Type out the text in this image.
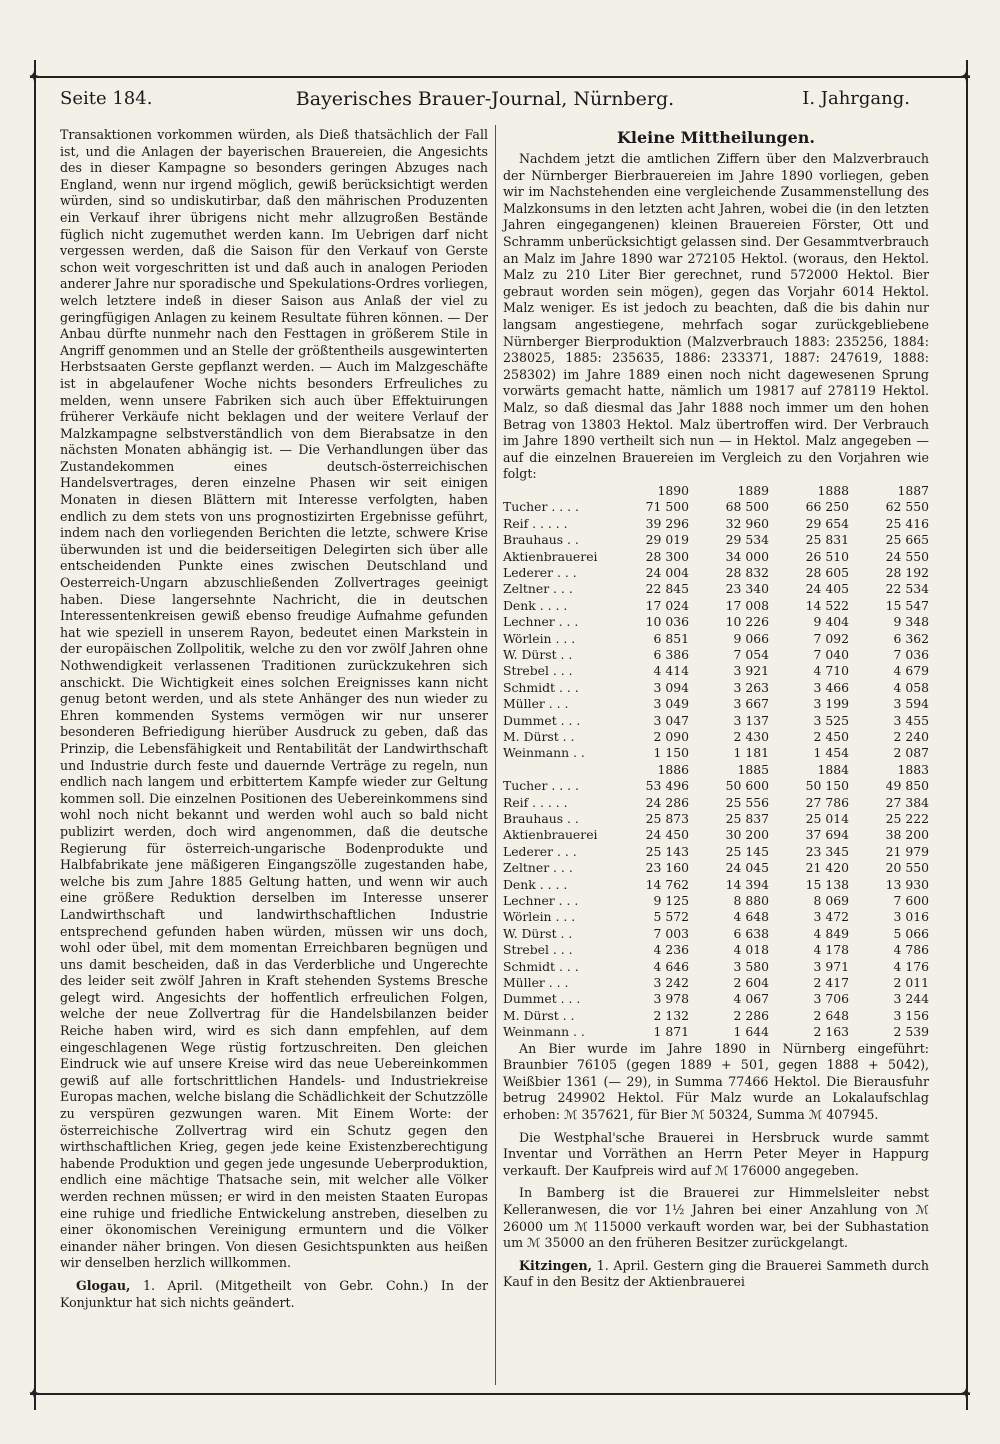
✦	✦
✦	✦
Seite 184.	Bayerisches Brauer-Journal, Nürnberg.	I. Jahrgang.

Transaktionen vorkommen würden, als Dieß thatsächlich der Fall ist, und die Anlagen der bayerischen Brauereien, die Angesichts des in dieser Kampagne so besonders geringen Abzuges nach England, wenn nur irgend möglich, gewiß berücksichtigt werden würden, sind so undiskutirbar, daß den mährischen Produzenten ein Verkauf ihrer übrigens nicht mehr allzugroßen Bestände füglich nicht zugemuthet werden kann. Im Uebrigen darf nicht vergessen werden, daß die Saison für den Verkauf von Gerste schon weit vorgeschritten ist und daß auch in analogen Perioden anderer Jahre nur sporadische und Spekulations-Ordres vorliegen, welch letztere indeß in dieser Saison aus Anlaß der viel zu geringfügigen Anlagen zu keinem Resultate führen können. — Der Anbau dürfte nunmehr nach den Festtagen in größerem Stile in Angriff genommen und an Stelle der größtentheils ausgewinterten Herbstsaaten Gerste gepflanzt werden. — Auch im Malzgeschäfte ist in abgelaufener Woche nichts besonders Erfreuliches zu melden, wenn unsere Fabriken sich auch über Effektuirungen früherer Verkäufe nicht beklagen und der weitere Verlauf der Malzkampagne selbstverständlich von dem Bierabsatze in den nächsten Monaten abhängig ist. — Die Verhandlungen über das Zustandekommen eines deutsch-österreichischen Handelsvertrages, deren einzelne Phasen wir seit einigen Monaten in diesen Blättern mit Interesse verfolgten, haben endlich zu dem stets von uns prognostizirten Ergebnisse geführt, indem nach den vorliegenden Berichten die letzte, schwere Krise überwunden ist und die beiderseitigen Delegirten sich über alle entscheidenden Punkte eines zwischen Deutschland und Oesterreich-Ungarn abzuschließenden Zollvertrages geeinigt haben. Diese langersehnte Nachricht, die in deutschen Interessentenkreisen gewiß ebenso freudige Aufnahme gefunden hat wie speziell in unserem Rayon, bedeutet einen Markstein in der europäischen Zollpolitik, welche zu den vor zwölf Jahren ohne Nothwendigkeit verlassenen Traditionen zurückzukehren sich anschickt. Die Wichtigkeit eines solchen Ereignisses kann nicht genug betont werden, und als stete Anhänger des nun wieder zu Ehren kommenden Systems vermögen wir nur unserer besonderen Befriedigung hierüber Ausdruck zu geben, daß das Prinzip, die Lebensfähigkeit und Rentabilität der Landwirthschaft und Industrie durch feste und dauernde Verträge zu regeln, nun endlich nach langem und erbittertem Kampfe wieder zur Geltung kommen soll. Die einzelnen Positionen des Uebereinkommens sind wohl noch nicht bekannt und werden wohl auch so bald nicht publizirt werden, doch wird angenommen, daß die deutsche Regierung für österreich-ungarische Bodenprodukte und Halbfabrikate jene mäßigeren Eingangszölle zugestanden habe, welche bis zum Jahre 1885 Geltung hatten, und wenn wir auch eine größere Reduktion derselben im Interesse unserer Landwirthschaft und landwirthschaftlichen Industrie entsprechend gefunden haben würden, müssen wir uns doch, wohl oder übel, mit dem momentan Erreichbaren begnügen und uns damit bescheiden, daß in das Verderbliche und Ungerechte des leider seit zwölf Jahren in Kraft stehenden Systems Bresche gelegt wird. Angesichts der hoffentlich erfreulichen Folgen, welche der neue Zollvertrag für die Handelsbilanzen beider Reiche haben wird, wird es sich dann empfehlen, auf dem eingeschlagenen Wege rüstig fortzuschreiten. Den gleichen Eindruck wie auf unsere Kreise wird das neue Uebereinkommen gewiß auf alle fortschrittlichen Handels- und Industriekreise Europas machen, welche bislang die Schädlichkeit der Schutzzölle zu verspüren gezwungen waren. Mit Einem Worte: der österreichische Zollvertrag wird ein Schutz gegen den wirthschaftlichen Krieg, gegen jede keine Existenzberechtigung habende Produktion und gegen jede ungesunde Ueberproduktion, endlich eine mächtige Thatsache sein, mit welcher alle Völker werden rechnen müssen; er wird in den meisten Staaten Europas eine ruhige und friedliche Entwickelung anstreben, dieselben zu einer ökonomischen Vereinigung ermuntern und die Völker einander näher bringen. Von diesen Gesichtspunkten aus heißen wir denselben herzlich willkommen.

Glogau, 1. April. (Mitgetheilt von Gebr. Cohn.) In der Konjunktur hat sich nichts geändert.

Kleine Mittheilungen.

Nachdem jetzt die amtlichen Ziffern über den Malzverbrauch der Nürnberger Bierbrauereien im Jahre 1890 vorliegen, geben wir im Nachstehenden eine vergleichende Zusammenstellung des Malzkonsums in den letzten acht Jahren, wobei die (in den letzten Jahren eingegangenen) kleinen Brauereien Förster, Ott und Schramm unberücksichtigt gelassen sind. Der Gesammtverbrauch an Malz im Jahre 1890 war 272105 Hektol. (woraus, den Hektol. Malz zu 210 Liter Bier gerechnet, rund 572000 Hektol. Bier gebraut worden sein mögen), gegen das Vorjahr 6014 Hektol. Malz weniger. Es ist jedoch zu beachten, daß die bis dahin nur langsam angestiegene, mehrfach sogar zurückgebliebene Nürnberger Bierproduktion (Malzverbrauch 1883: 235256, 1884: 238025, 1885: 235635, 1886: 233371, 1887: 247619, 1888: 258302) im Jahre 1889 einen noch nicht dagewesenen Sprung vorwärts gemacht hatte, nämlich um 19817 auf 278119 Hektol. Malz, so daß diesmal das Jahr 1888 noch immer um den hohen Betrag von 13803 Hektol. Malz übertroffen wird. Der Verbrauch im Jahre 1890 vertheilt sich nun — in Hektol. Malz angegeben — auf die einzelnen Brauereien im Vergleich zu den Vorjahren wie folgt:

	1890	1889	1888	1887
Tucher . . . .	71 500	68 500	66 250	62 550
Reif . . . . .	39 296	32 960	29 654	25 416
Brauhaus . .	29 019	29 534	25 831	25 665
Aktienbrauerei	28 300	34 000	26 510	24 550
Lederer . . .	24 004	28 832	28 605	28 192
Zeltner . . .	22 845	23 340	24 405	22 534
Denk . . . .	17 024	17 008	14 522	15 547
Lechner . . .	10 036	10 226	9 404	9 348
Wörlein . . .	6 851	9 066	7 092	6 362
W. Dürst . .	6 386	7 054	7 040	7 036
Strebel . . .	4 414	3 921	4 710	4 679
Schmidt . . .	3 094	3 263	3 466	4 058
Müller . . .	3 049	3 667	3 199	3 594
Dummet . . .	3 047	3 137	3 525	3 455
M. Dürst . .	2 090	2 430	2 450	2 240
Weinmann . .	1 150	1 181	1 454	2 087
	1886	1885	1884	1883
Tucher . . . .	53 496	50 600	50 150	49 850
Reif . . . . .	24 286	25 556	27 786	27 384
Brauhaus . .	25 873	25 837	25 014	25 222
Aktienbrauerei	24 450	30 200	37 694	38 200
Lederer . . .	25 143	25 145	23 345	21 979
Zeltner . . .	23 160	24 045	21 420	20 550
Denk . . . .	14 762	14 394	15 138	13 930
Lechner . . .	9 125	8 880	8 069	7 600
Wörlein . . .	5 572	4 648	3 472	3 016
W. Dürst . .	7 003	6 638	4 849	5 066
Strebel . . .	4 236	4 018	4 178	4 786
Schmidt . . .	4 646	3 580	3 971	4 176
Müller . . .	3 242	2 604	2 417	2 011
Dummet . . .	3 978	4 067	3 706	3 244
M. Dürst . .	2 132	2 286	2 648	3 156
Weinmann . .	1 871	1 644	2 163	2 539

An Bier wurde im Jahre 1890 in Nürnberg eingeführt: Braunbier 76105 (gegen 1889 + 501, gegen 1888 + 5042), Weißbier 1361 (— 29), in Summa 77466 Hektol. Die Bierausfuhr betrug 249902 Hektol. Für Malz wurde an Lokalaufschlag erhoben: ℳ 357621, für Bier ℳ 50324, Summa ℳ 407945.

Die Westphal'sche Brauerei in Hersbruck wurde sammt Inventar und Vorräthen an Herrn Peter Meyer in Happurg verkauft. Der Kaufpreis wird auf ℳ 176000 angegeben.

In Bamberg ist die Brauerei zur Himmelsleiter nebst Kelleranwesen, die vor 1½ Jahren bei einer Anzahlung von ℳ 26000 um ℳ 115000 verkauft worden war, bei der Subhastation um ℳ 35000 an den früheren Besitzer zurückgelangt.

Kitzingen, 1. April. Gestern ging die Brauerei Sammeth durch Kauf in den Besitz der Aktienbrauerei
